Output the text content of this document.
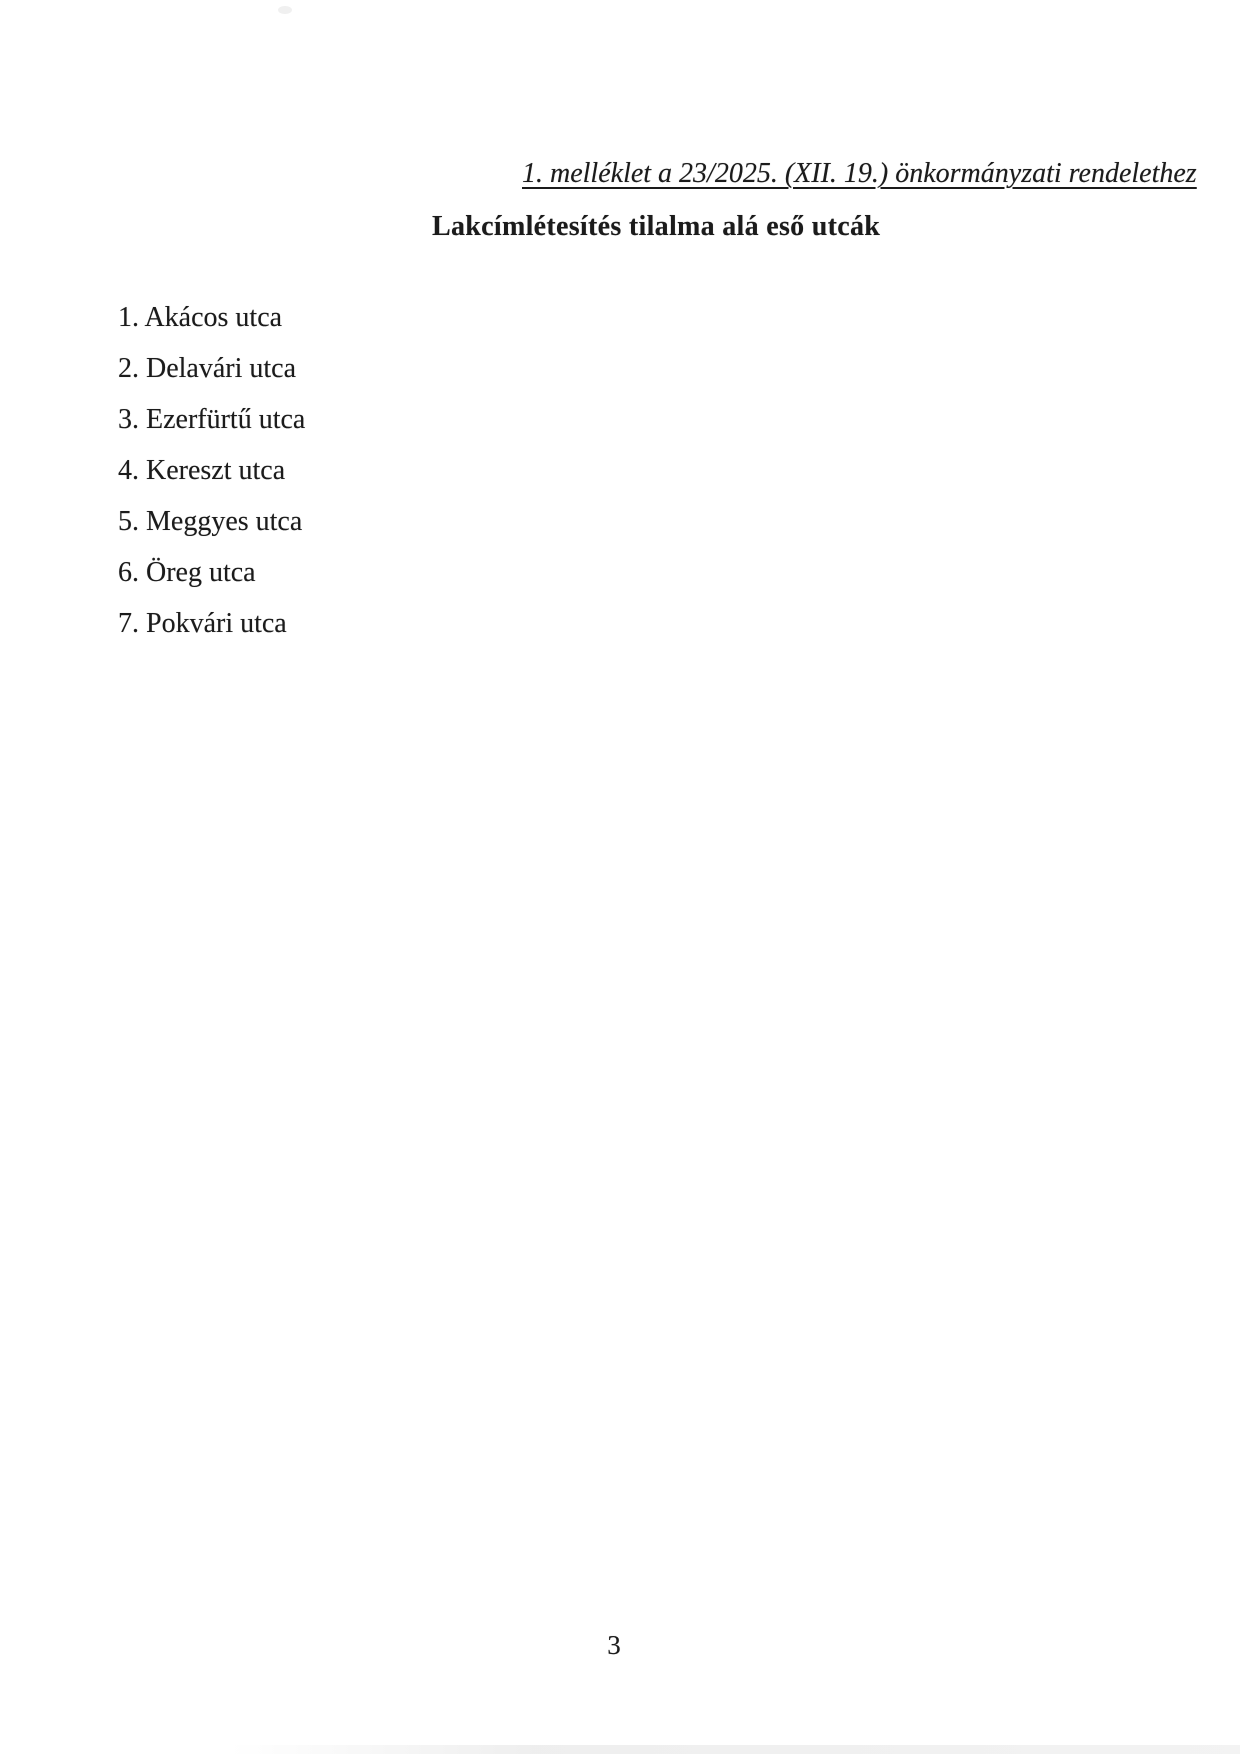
1. melléklet a 23/2025. (XII. 19.) önkormányzati rendelethez
Lakcímlétesítés tilalma alá eső utcák
1. Akácos utca
2. Delavári utca
3. Ezerfürtű utca
4. Kereszt utca
5. Meggyes utca
6. Öreg utca
7. Pokvári utca
3
